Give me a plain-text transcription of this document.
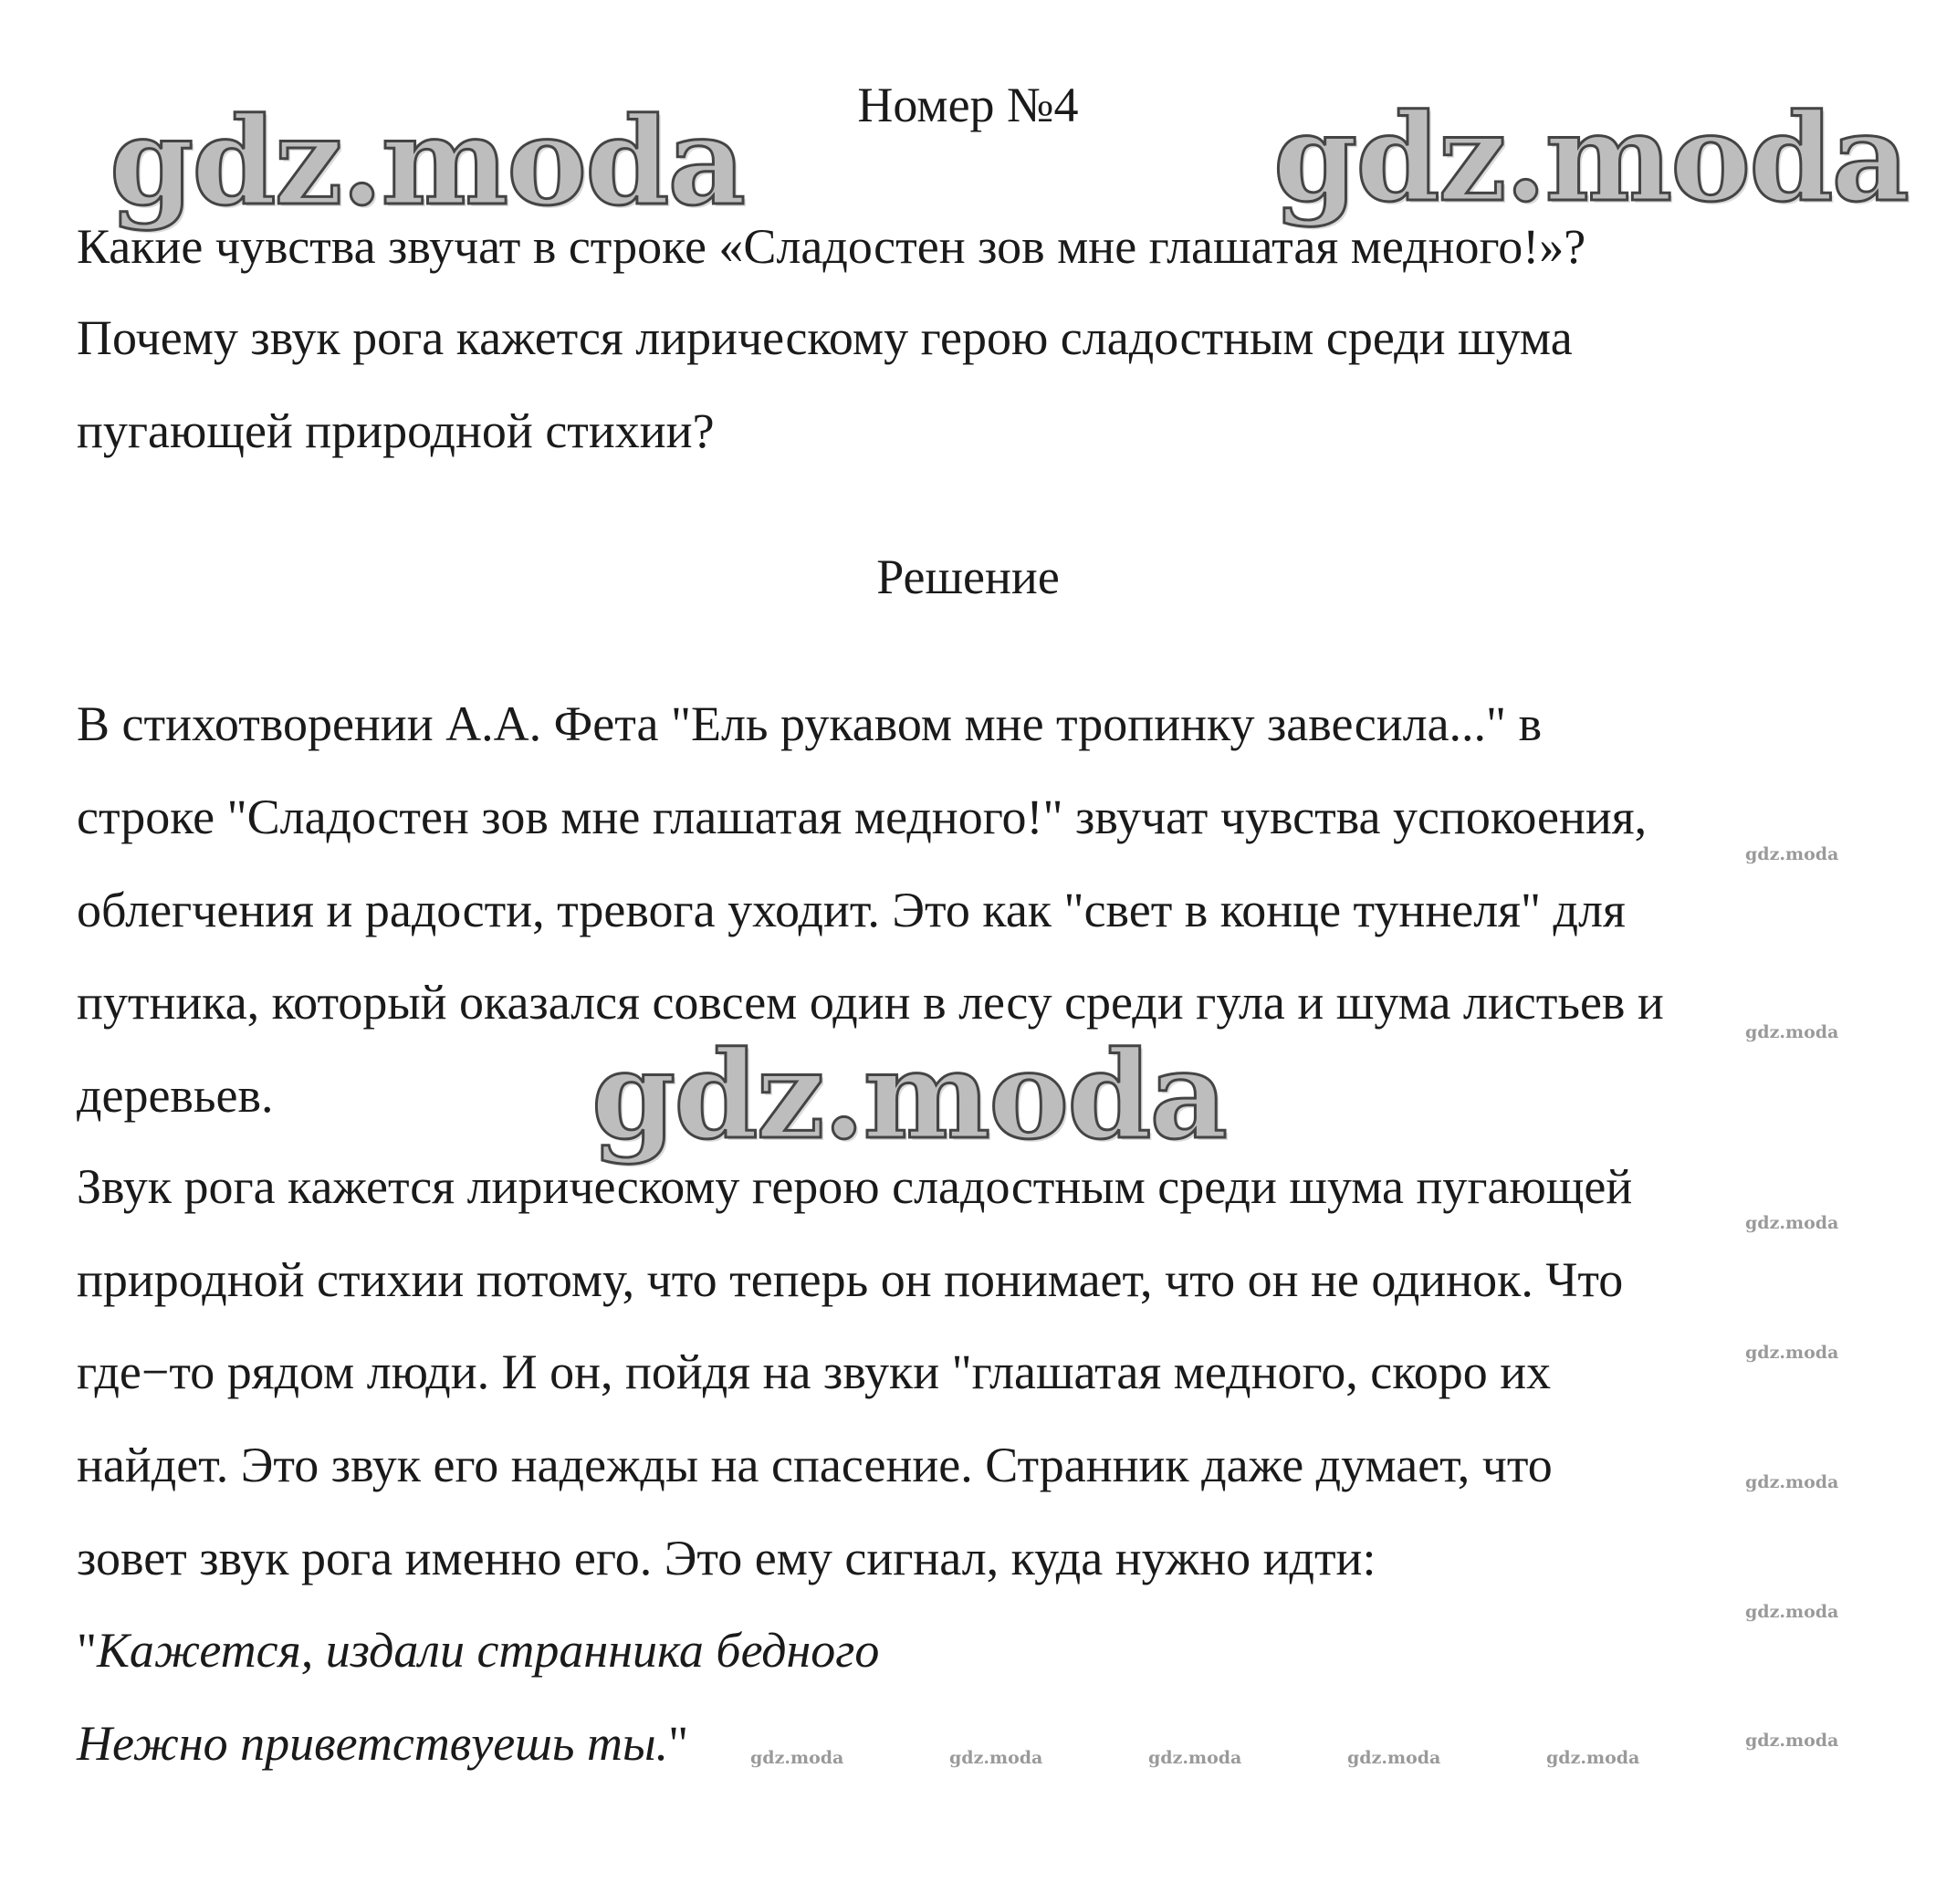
Номер №4
gdz.moda	gdz.moda
Какие чувства звучат в строке «Сладостен зов мне глашатая медного!»?
Почему звук рога кажется лирическому герою сладостным среди шума
пугающей природной стихии?
Решение
В стихотворении А.А. Фета "Ель рукавом мне тропинку завесила..." в
строке "Сладостен зов мне глашатая медного!" звучат чувства успокоения,
облегчения и радости, тревога уходит. Это как "свет в конце туннеля" для
путника, который оказался совсем один в лесу среди гула и шума листьев и
деревьев.	gdz.moda
Звук рога кажется лирическому герою сладостным среди шума пугающей
природной стихии потому, что теперь он понимает, что он не одинок. Что
где−то рядом люди. И он, пойдя на звуки "глашатая медного, скоро их
найдет. Это звук его надежды на спасение. Странник даже думает, что
зовет звук рога именно его. Это ему сигнал, куда нужно идти:
"Кажется, издали странника бедного
Нежно приветствуешь ты."
gdz.moda
gdz.moda
gdz.moda
gdz.moda
gdz.moda
gdz.moda
gdz.moda
gdz.moda	gdz.moda	gdz.moda	gdz.moda	gdz.moda
